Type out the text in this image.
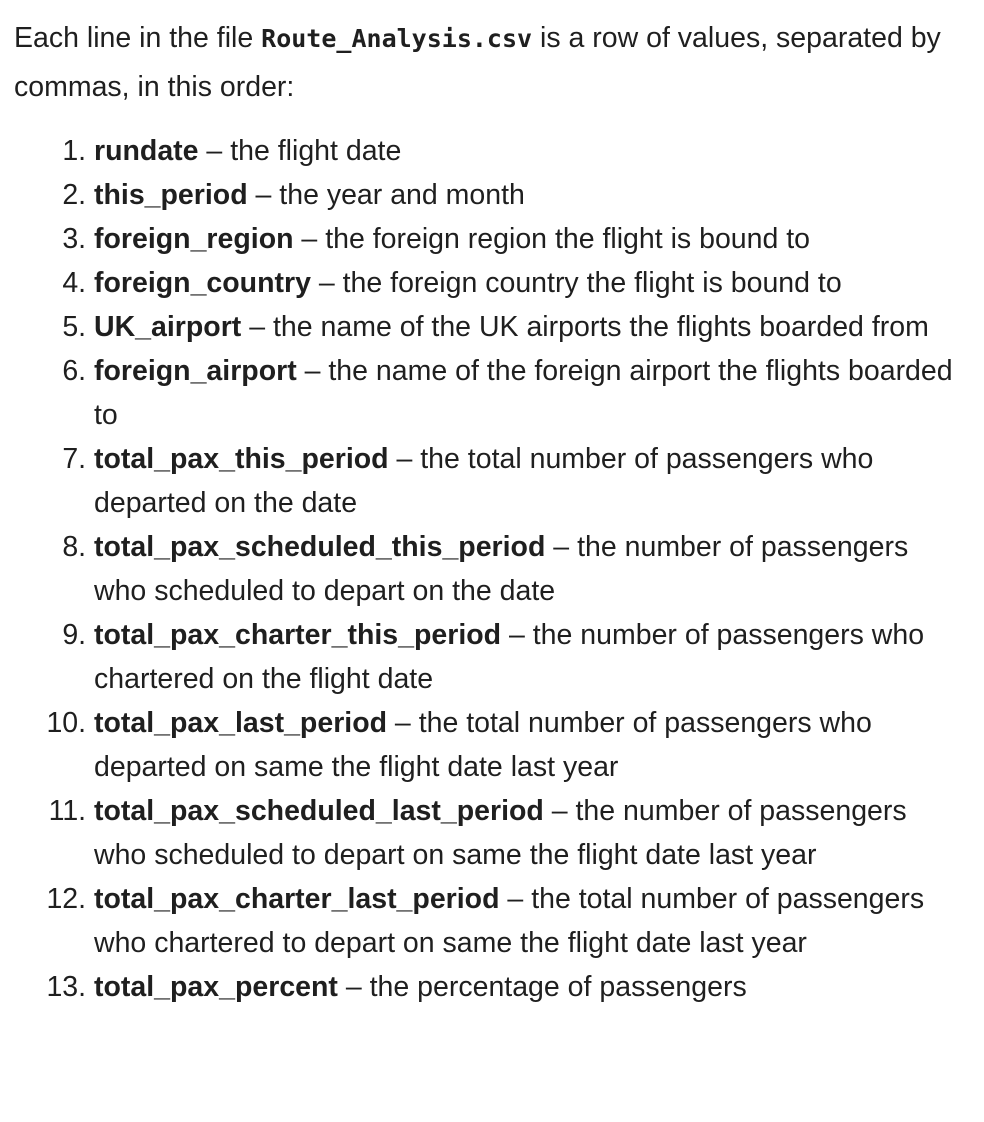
Each line in the file Route_Analysis.csv is a row of values, separated by commas, in this order:

1. rundate – the flight date
2. this_period – the year and month
3. foreign_region – the foreign region the flight is bound to
4. foreign_country – the foreign country the flight is bound to
5. UK_airport – the name of the UK airports the flights boarded from
6. foreign_airport – the name of the foreign airport the flights boarded to
7. total_pax_this_period – the total number of passengers who departed on the date
8. total_pax_scheduled_this_period – the number of passengers who scheduled to depart on the date
9. total_pax_charter_this_period – the number of passengers who chartered on the flight date
10. total_pax_last_period – the total number of passengers who departed on same the flight date last year
11. total_pax_scheduled_last_period – the number of passengers who scheduled to depart on same the flight date last year
12. total_pax_charter_last_period – the total number of passengers who chartered to depart on same the flight date last year
13. total_pax_percent – the percentage of passengers
